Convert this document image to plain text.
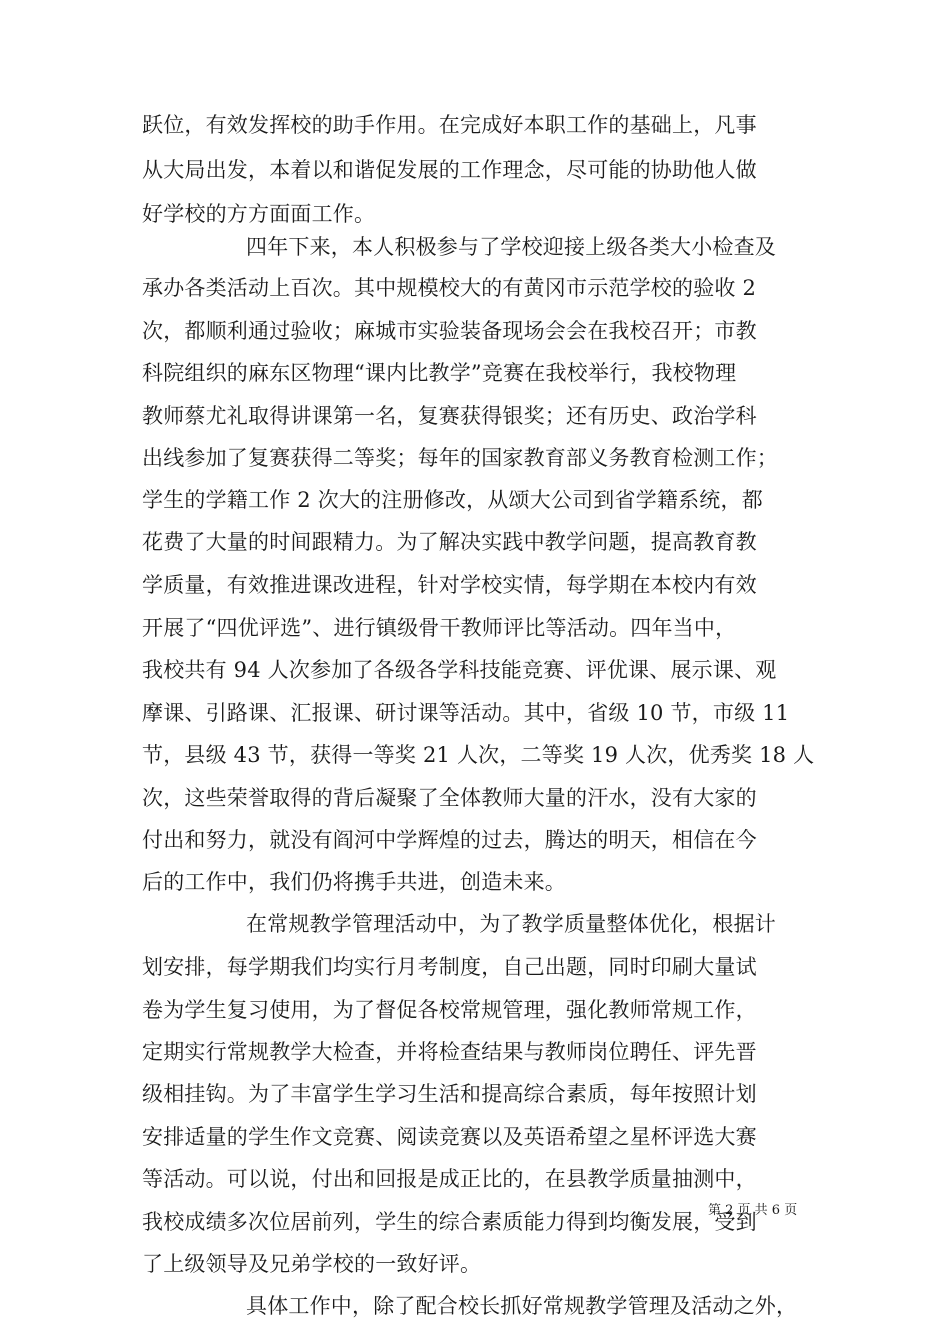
跃位，有效发挥校的助手作用。在完成好本职工作的基础上，凡事
从大局出发，本着以和谐促发展的工作理念，尽可能的协助他人做
好学校的方方面面工作。
四年下来，本人积极参与了学校迎接上级各类大小检查及
承办各类活动上百次。其中规模校大的有黄冈市示范学校的验收 2
次，都顺利通过验收；麻城市实验装备现场会会在我校召开；市教
科院组织的麻东区物理“课内比教学”竞赛在我校举行，我校物理
教师蔡尤礼取得讲课第一名，复赛获得银奖；还有历史、政治学科
出线参加了复赛获得二等奖；每年的国家教育部义务教育检测工作；
学生的学籍工作 2 次大的注册修改，从颂大公司到省学籍系统，都
花费了大量的时间跟精力。为了解决实践中教学问题，提高教育教
学质量，有效推进课改进程，针对学校实情，每学期在本校内有效
开展了“四优评选”、进行镇级骨干教师评比等活动。四年当中，
我校共有 94 人次参加了各级各学科技能竞赛、评优课、展示课、观
摩课、引路课、汇报课、研讨课等活动。其中，省级 10 节，市级 11
节，县级 43 节，获得一等奖 21 人次，二等奖 19 人次，优秀奖 18 人
次，这些荣誉取得的背后凝聚了全体教师大量的汗水，没有大家的
付出和努力，就没有阎河中学辉煌的过去，腾达的明天，相信在今
后的工作中，我们仍将携手共进，创造未来。
在常规教学管理活动中，为了教学质量整体优化，根据计
划安排，每学期我们均实行月考制度，自己出题，同时印刷大量试
卷为学生复习使用，为了督促各校常规管理，强化教师常规工作，
定期实行常规教学大检查，并将检查结果与教师岗位聘任、评先晋
级相挂钩。为了丰富学生学习生活和提高综合素质，每年按照计划
安排适量的学生作文竞赛、阅读竞赛以及英语希望之星杯评选大赛
等活动。可以说，付出和回报是成正比的，在县教学质量抽测中，
我校成绩多次位居前列，学生的综合素质能力得到均衡发展，受到
了上级领导及兄弟学校的一致好评。
具体工作中，除了配合校长抓好常规教学管理及活动之外，
第 2 页 共 6 页
